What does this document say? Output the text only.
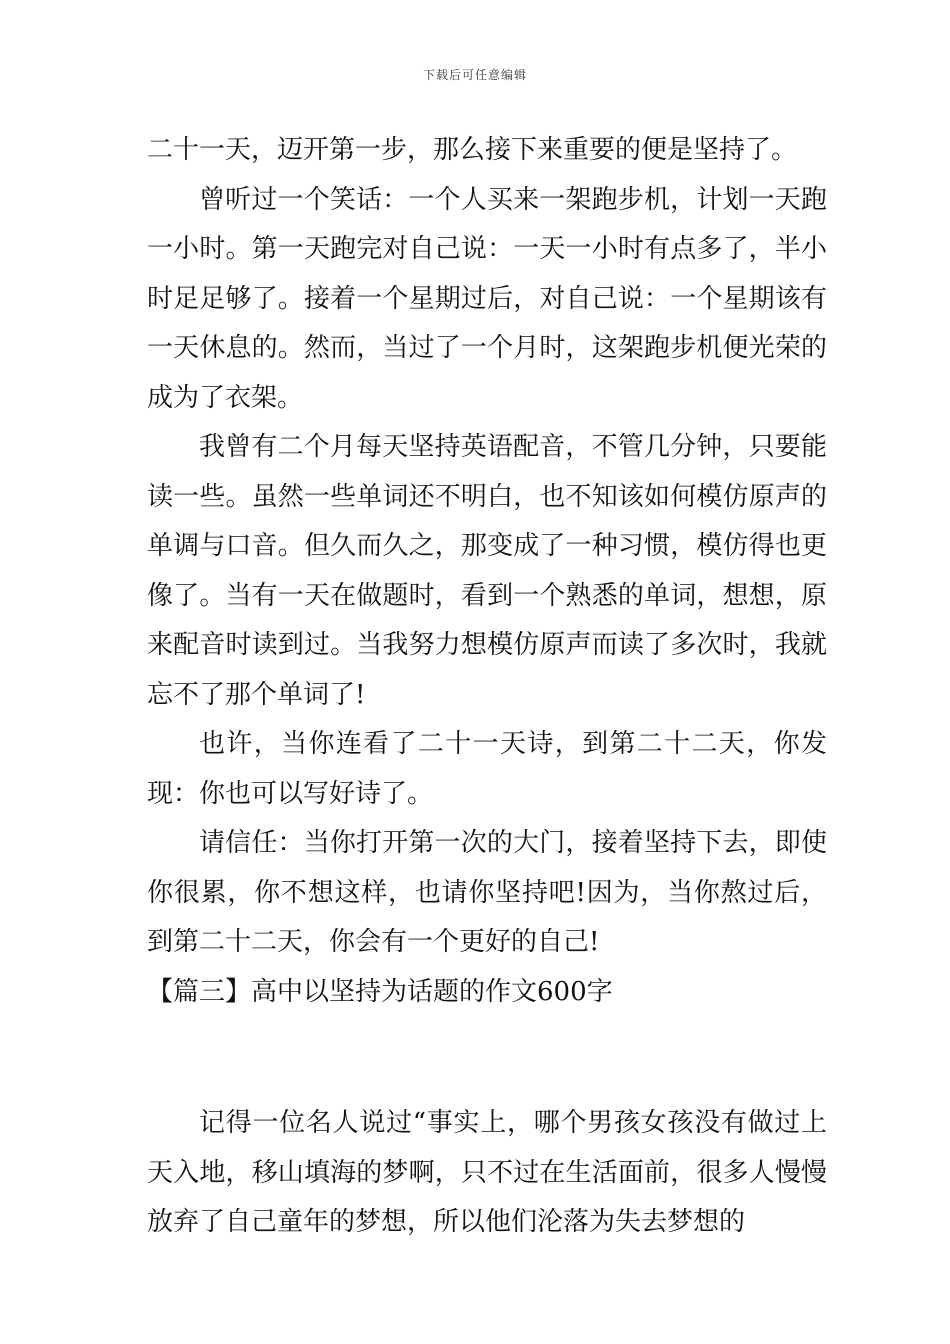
下载后可任意编辑

二十一天，迈开第一步，那么接下来重要的便是坚持了。

曾听过一个笑话：一个人买来一架跑步机，计划一天跑一小时。第一天跑完对自己说：一天一小时有点多了，半小时足足够了。接着一个星期过后，对自己说：一个星期该有一天休息的。然而，当过了一个月时，这架跑步机便光荣的成为了衣架。

我曾有二个月每天坚持英语配音，不管几分钟，只要能读一些。虽然一些单词还不明白，也不知该如何模仿原声的单调与口音。但久而久之，那变成了一种习惯，模仿得也更像了。当有一天在做题时，看到一个熟悉的单词，想想，原来配音时读到过。当我努力想模仿原声而读了多次时，我就忘不了那个单词了!

也许，当你连看了二十一天诗，到第二十二天，你发现：你也可以写好诗了。

请信任：当你打开第一次的大门，接着坚持下去，即使你很累，你不想这样，也请你坚持吧!因为，当你熬过后，到第二十二天，你会有一个更好的自己!

【篇三】高中以坚持为话题的作文600字

记得一位名人说过“事实上，哪个男孩女孩没有做过上天入地，移山填海的梦啊，只不过在生活面前，很多人慢慢放弃了自己童年的梦想，所以他们沦落为失去梦想的
